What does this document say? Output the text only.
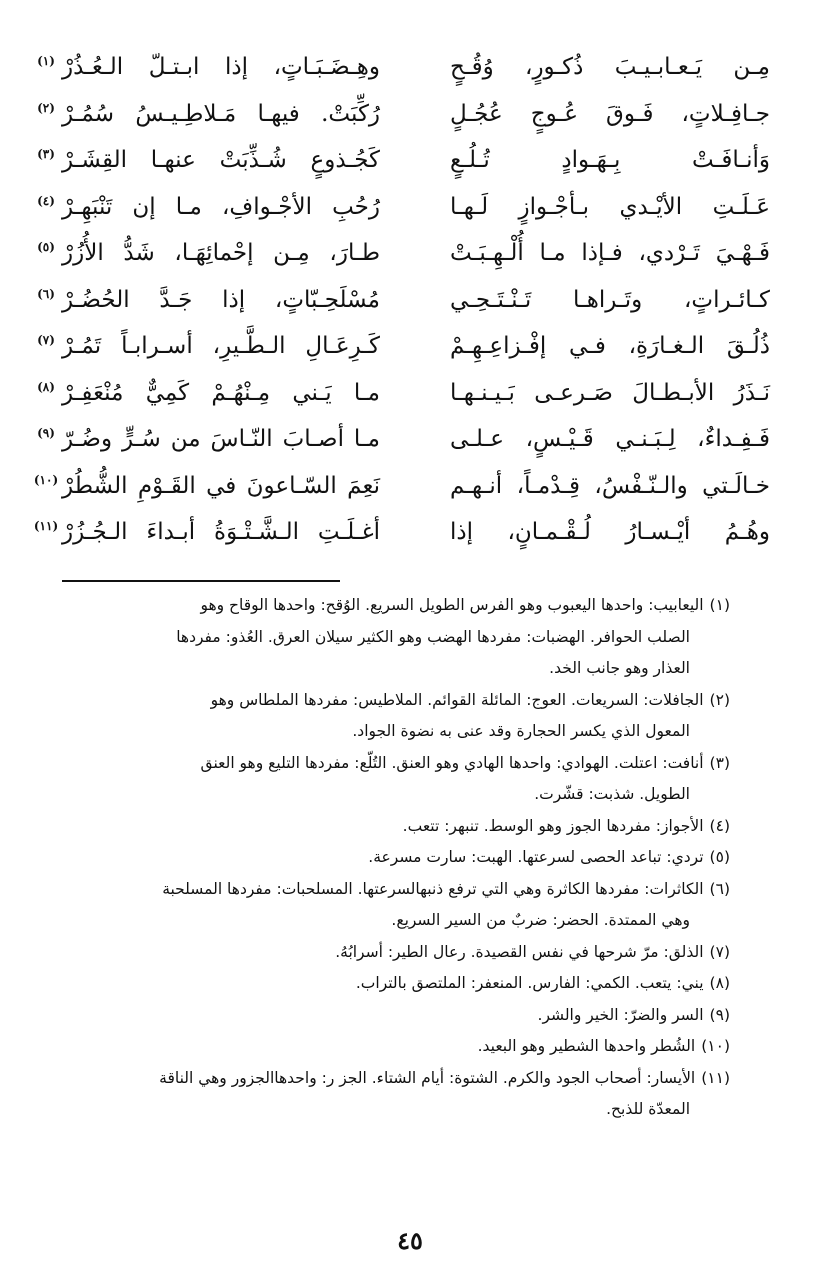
مِـن يَـعـابـيـبَ ذُكـورٍ، وُقُـحٍ
وهِـضَـبَـاتٍ، إذا ابـتـلّ الـعُـذُرْ
(١)
جـافِـلاتٍ، فَـوقَ عُـوجٍ عُجُـلٍ
رُكِّبَتْ. فيهـا مَـلاطِـيـسُ سُمُـرْ
(٢)
وَأنـافَـتْ بِـهَـوادٍ تُـلُـعٍ
كَجُـذوعٍ شُـذِّبَتْ عنهـا القِشَـرْ
(٣)
عَـلَـتِ الأيْـدي بـأجْـوازٍ لَـهـا
رُحُبِ الأجْـوافِ، مـا إن تَنْبَهِـرْ
(٤)
فَـهْـيَ تَـرْدي، فـإذا مـا أُلْـهِـبَـتْ
طـارَ، مِـن إحْمائِهَـا، شَدُّ الأُزُرْ
(٥)
كـائـراتٍ، وتَـراهـا تَـنْـتَـحِـي
مُسْلَحِـبّاتٍ، إذا جَـدَّ الحُضُـرْ
(٦)
ذُلُـقَ الـغـارَةِ، فـي إفْـزاعِـهِـمْ
كَـرِعَـالِ الـطَّـيرِ، أسـرابـاً تَمُـرْ
(٧)
نَـذَرُ الأبـطـالَ صَـرعـى بَـيـنـهـا
مـا يَـني مِـنْهُـمْ كَمِيٌّ مُنْعَفِـرْ
(٨)
فَـفِـداءٌ، لِـبَـنـي قَـيْـسٍ، عـلـى
مـا أصـابَ النّـاسَ من سُـرٍّ وضُـرّ
(٩)
خـالَـتي والـنّـفْسُ، قِـدْمـاً، أنـهـم
نَعِمَ السّـاعونَ في القَـوْمِ الشُّطُرْ
(١٠)
وهُـمُ أيْـسـارُ لُـقْـمـانٍ، إذا
أغـلَـتِ الـشَّـتْـوَةُ أبـداءَ الـجُـزُرْ
(١١)

(١)اليعابيب: واحدها اليعبوب وهو الفرس الطويل السريع. الوُقح: واحدها الوقاح وهو
الصلب الحوافر. الهضبات: مفردها الهضب وهو الكثير سيلان العرق. العُذو: مفردها
العذار وهو جانب الخد.

(٢)الجافلات: السريعات. العوج: المائلة القوائم. الملاطيس: مفردها الملطاس وهو
المعول الذي يكسر الحجارة وقد عنى به نضوة الجواد.

(٣)أنافت: اعتلت. الهوادي: واحدها الهادي وهو العنق. التُلّع: مفردها التليع وهو العنق
الطويل. شذبت: قشّرت.

(٤)الأجواز: مفردها الجوز وهو الوسط. تنبهر: تتعب.

(٥)تردي: تباعد الحصى لسرعتها. الهبت: سارت مسرعة.

(٦)الكاثرات: مفردها الكاثرة وهي التي ترفع ذنبهالسرعتها. المسلحبات: مفردها المسلحبة
وهي الممتدة. الحضر: ضربٌ من السير السريع.

(٧)الذلق: مرّ شرحها في نفس القصيدة. رعال الطير: أسرابُهُ.

(٨)يني: يتعب. الكمي: الفارس. المنعفر: الملتصق بالتراب.

(٩)السر والضرّ: الخير والشر.

(١٠)الشُطر واحدها الشطير وهو البعيد.

(١١)الأيسار: أصحاب الجود والكرم. الشتوة: أيام الشتاء. الجز ر: واحدهاالجزور وهي الناقة
المعدّة للذبح.

٤٥
